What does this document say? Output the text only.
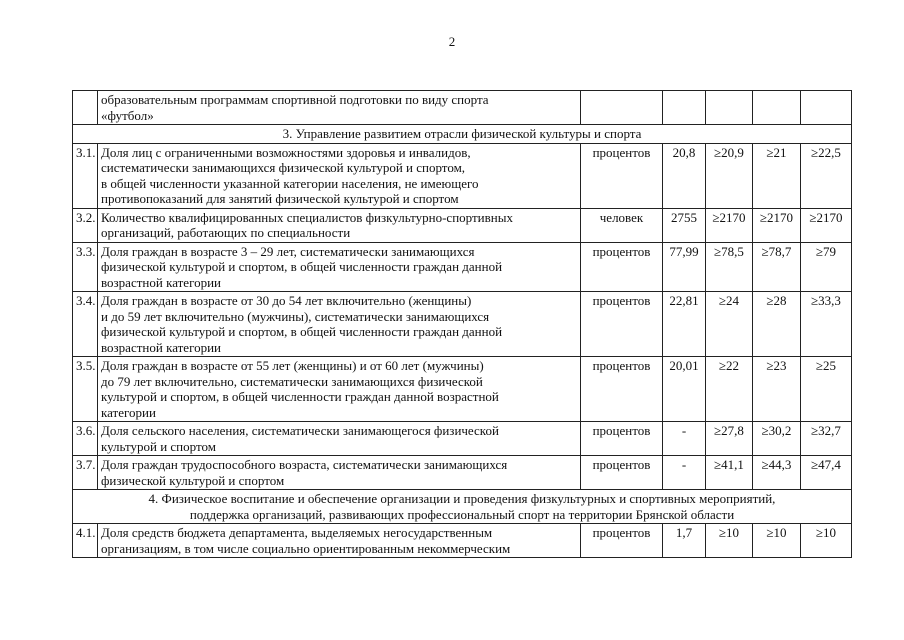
2
	образовательным программам спортивной подготовки по виду спорта
«футбол»					
3. Управление развитием отрасли физической культуры и спорта						
3.1.	Доля лиц с ограниченными возможностями здоровья и инвалидов,
систематически занимающихся физической культурой и спортом,
в общей численности указанной категории населения, не имеющего
противопоказаний для занятий физической культурой и спортом	процентов	20,8	≥20,9	≥21	≥22,5
3.2.	Количество квалифицированных специалистов физкультурно-спортивных
организаций, работающих по специальности	человек	2755	≥2170	≥2170	≥2170
3.3.	Доля граждан в возрасте 3 – 29 лет, систематически занимающихся
физической культурой и спортом, в общей численности граждан данной
возрастной категории	процентов	77,99	≥78,5	≥78,7	≥79
3.4.	Доля граждан в возрасте от 30 до 54 лет включительно (женщины)
и до 59 лет включительно (мужчины), систематически занимающихся
физической культурой и спортом, в общей численности граждан данной
возрастной категории	процентов	22,81	≥24	≥28	≥33,3
3.5.	Доля граждан в возрасте от 55 лет (женщины) и от 60 лет (мужчины)
до 79 лет включительно, систематически занимающихся физической
культурой и спортом, в общей численности граждан данной возрастной
категории	процентов	20,01	≥22	≥23	≥25
3.6.	Доля сельского населения, систематически занимающегося физической
культурой и спортом	процентов	-	≥27,8	≥30,2	≥32,7
3.7.	Доля граждан трудоспособного возраста, систематически занимающихся
физической культурой и спортом	процентов	-	≥41,1	≥44,3	≥47,4
4. Физическое воспитание и обеспечение организации и проведения физкультурных и спортивных мероприятий,
поддержка организаций, развивающих профессиональный спорт на территории Брянской области						
4.1.	Доля средств бюджета департамента, выделяемых негосударственным
организациям, в том числе социально ориентированным некоммерческим	процентов	1,7	≥10	≥10	≥10
